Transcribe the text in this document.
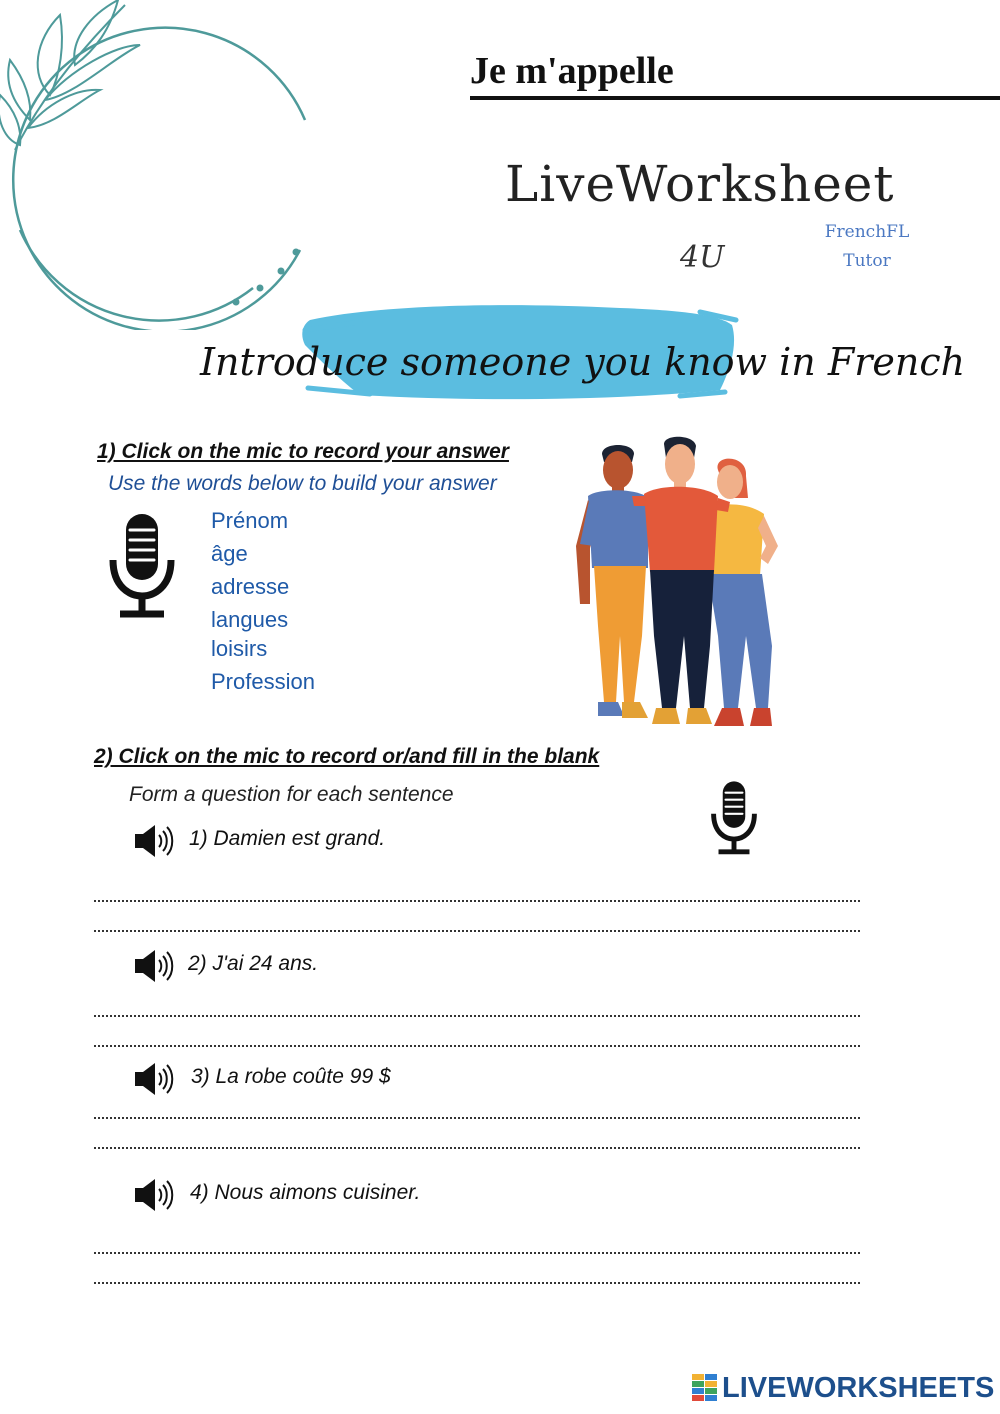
Je m'appelle
LiveWorksheet
4U
FrenchFL
Tutor
Introduce someone you know in French
1) Click on the mic to record your answer
Use the words below to build your answer
Prénom
âge
adresse
langues
loisirs
Profession
2) Click on the mic to record or/and fill in the blank
Form a question for each sentence
1) Damien est grand.
2) J'ai 24 ans.
3) La robe coûte 99 $
4) Nous aimons cuisiner.
LIVEWORKSHEETS
